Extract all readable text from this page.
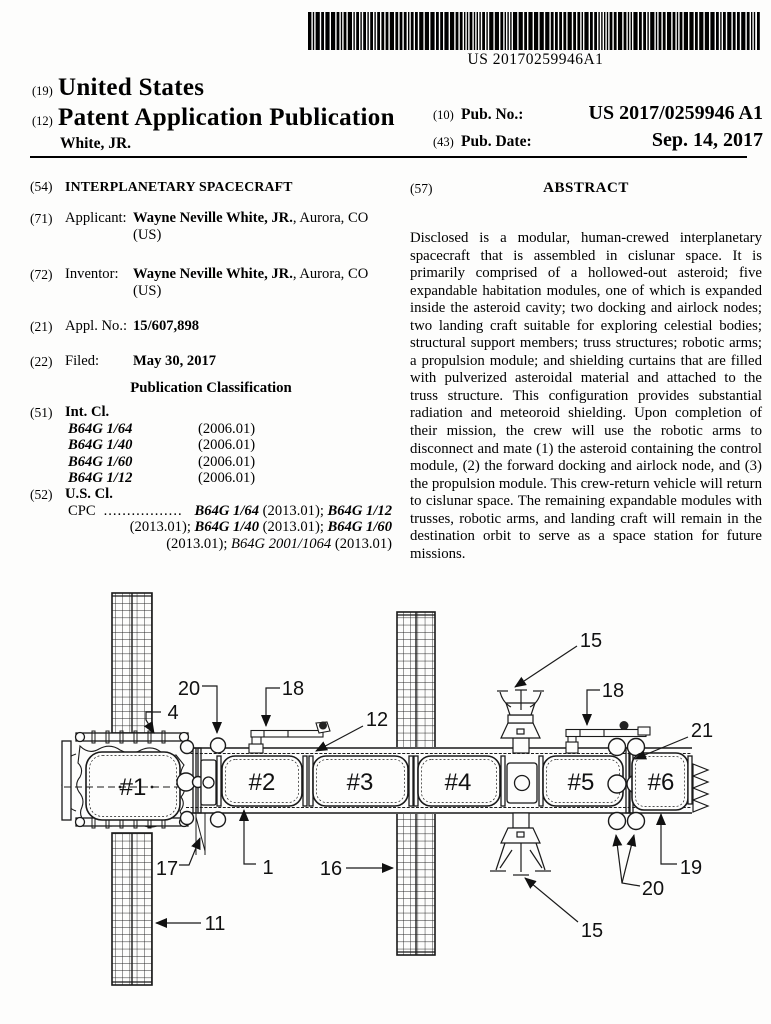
US 20170259946A1
(19) United States
(12) Patent Application Publication
White, JR.
(10) Pub. No.:	US 2017/0259946 A1
(43) Pub. Date:	Sep. 14, 2017
(54) INTERPLANETARY SPACECRAFT
(71) Applicant: Wayne Neville White, JR., Aurora, CO
(US)
(72) Inventor: Wayne Neville White, JR., Aurora, CO
(US)
(21) Appl. No.: 15/607,898
(22) Filed:	May 30, 2017
Publication Classification
(51) Int. Cl.
B64G 1/64	(2006.01)
B64G 1/40	(2006.01)
B64G 1/60	(2006.01)
B64G 1/12	(2006.01)
(52) U.S. Cl.
CPC ................. B64G 1/64 (2013.01); B64G 1/12
(2013.01); B64G 1/40 (2013.01); B64G 1/60
(2013.01); B64G 2001/1064 (2013.01)
(57)	ABSTRACT
Disclosed is a modular, human-crewed interplanetary spacecraft that is assembled in cislunar space. It is primarily comprised of a hollowed-out asteroid; five expandable habitation modules, one of which is expanded inside the asteroid cavity; two docking and airlock nodes; two landing craft suitable for exploring celestial bodies; structural support members; truss structures; robotic arms; a propulsion module; and shielding curtains that are filled with pulverized asteroidal material and attached to the truss structure. This configuration provides substantial radiation and meteoroid shielding. Upon completion of their mission, the crew will use the robotic arms to disconnect and mate (1) the asteroid containing the control module, (2) the forward docking and airlock node, and (3) the propulsion module. This crew-return vehicle will return to cislunar space. The remaining expandable modules with trusses, robotic arms, and landing craft will remain in the destination orbit to serve as a space station for future missions.
#1	#2	#3	#4	#5 #6
4
20	18
12
15
18
21
17	1 16	19
20
11	15
